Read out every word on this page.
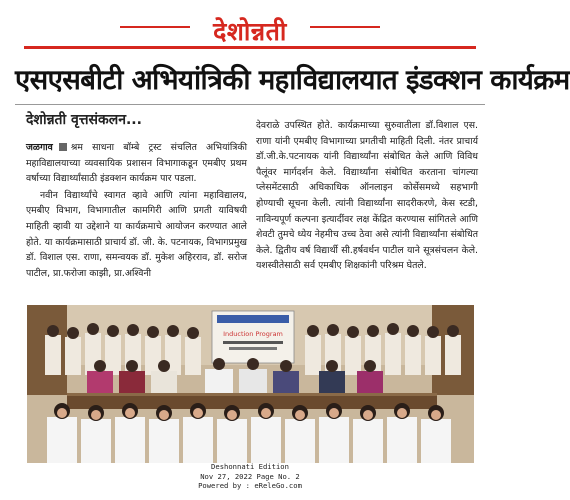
देशोन्नती
एसएसबीटी अभियांत्रिकी महाविद्यालयात इंडक्शन कार्यक्रम
देशोन्नती वृत्तसंकलन...

जळगाव श्रम साधना बॉम्बे ट्रस्ट संचलित अभियांत्रिकी महाविद्यालयाच्या व्यवसायिक प्रशासन विभागाकडून एमबीए प्रथम वर्षाच्या विद्यार्थ्यांसाठी इंडक्शन कार्यक्रम पार पडला.

नवीन विद्यार्थ्यांचे स्वागत व्हावे आणि त्यांना महाविद्यालय, एमबीए विभाग, विभागातील कामगिरी आणि प्रगती याविषयी माहिती व्हावी या उद्देशाने या कार्यक्रमाचे आयोजन करण्यात आले होते. या कार्यक्रमासाठी प्राचार्य डॉ. जी. के. पटनायक, विभागप्रमुख डॉ. विशाल एस. राणा, समन्वयक डॉ. मुकेश अहिरराव, डॉ. सरोज पाटील, प्रा.फरोजा काझी, प्रा.अश्विनी

देवराळे उपस्थित होते. कार्यक्रमाच्या सुरुवातीला डॉ.विशाल एस. राणा यांनी एमबीए विभागाच्या प्रगतीची माहिती दिली. नंतर प्राचार्य डॉ.जी.के.पटनायक यांनी विद्यार्थ्यांना संबोधित केले आणि विविध पैलूंवर मार्गदर्शन केले. विद्यार्थ्यांना संबोधित करताना चांगल्या प्लेसमेंटसाठी अधिकाधिक ऑनलाइन कोर्सेसमध्ये सहभागी होण्याची सूचना केली. त्यांनी विद्यार्थ्यांना सादरीकरणे, केस स्टडी, नाविन्यपूर्ण कल्पना इत्यादींवर लक्ष केंद्रित करण्यास सांगितले आणि शेवटी तुमचे ध्येय नेहमीच उच्च ठेवा असे त्यांनी विद्यार्थ्यांना संबोधित केले. द्वितीय वर्ष विद्यार्थी सी.हर्षवर्धन पाटील याने सूत्रसंचलन केले. यशस्वीतेसाठी सर्व एमबीए शिक्षकांनी परिश्रम घेतले.

Induction Program
Deshonnati Edition
Nov 27, 2022 Page No. 2
Powered by : eReleGo.com
